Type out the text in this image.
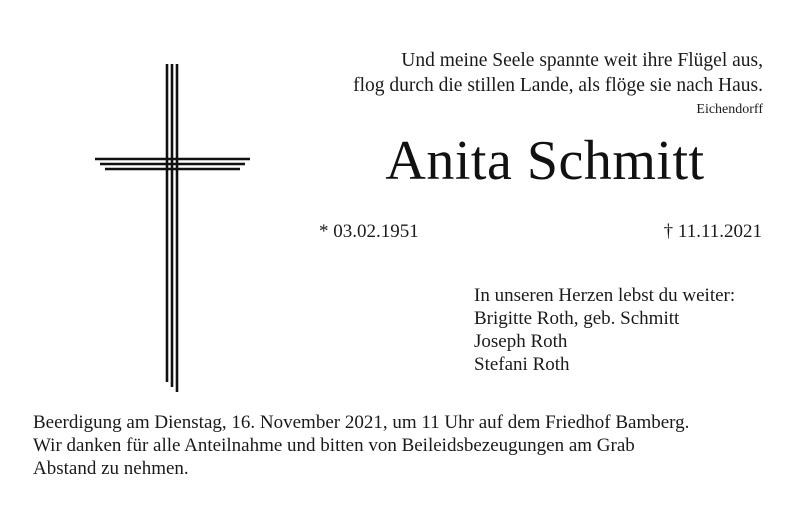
Und meine Seele spannte weit ihre Flügel aus,
flog durch die stillen Lande, als flöge sie nach Haus.
Eichendorff
Anita Schmitt
* 03.02.1951	† 11.11.2021
In unseren Herzen lebst du weiter:
Brigitte Roth, geb. Schmitt
Joseph Roth
Stefani Roth
Beerdigung am Dienstag, 16. November 2021, um 11 Uhr auf dem Friedhof Bamberg.
Wir danken für alle Anteilnahme und bitten von Beileidsbezeugungen am Grab
Abstand zu nehmen.
